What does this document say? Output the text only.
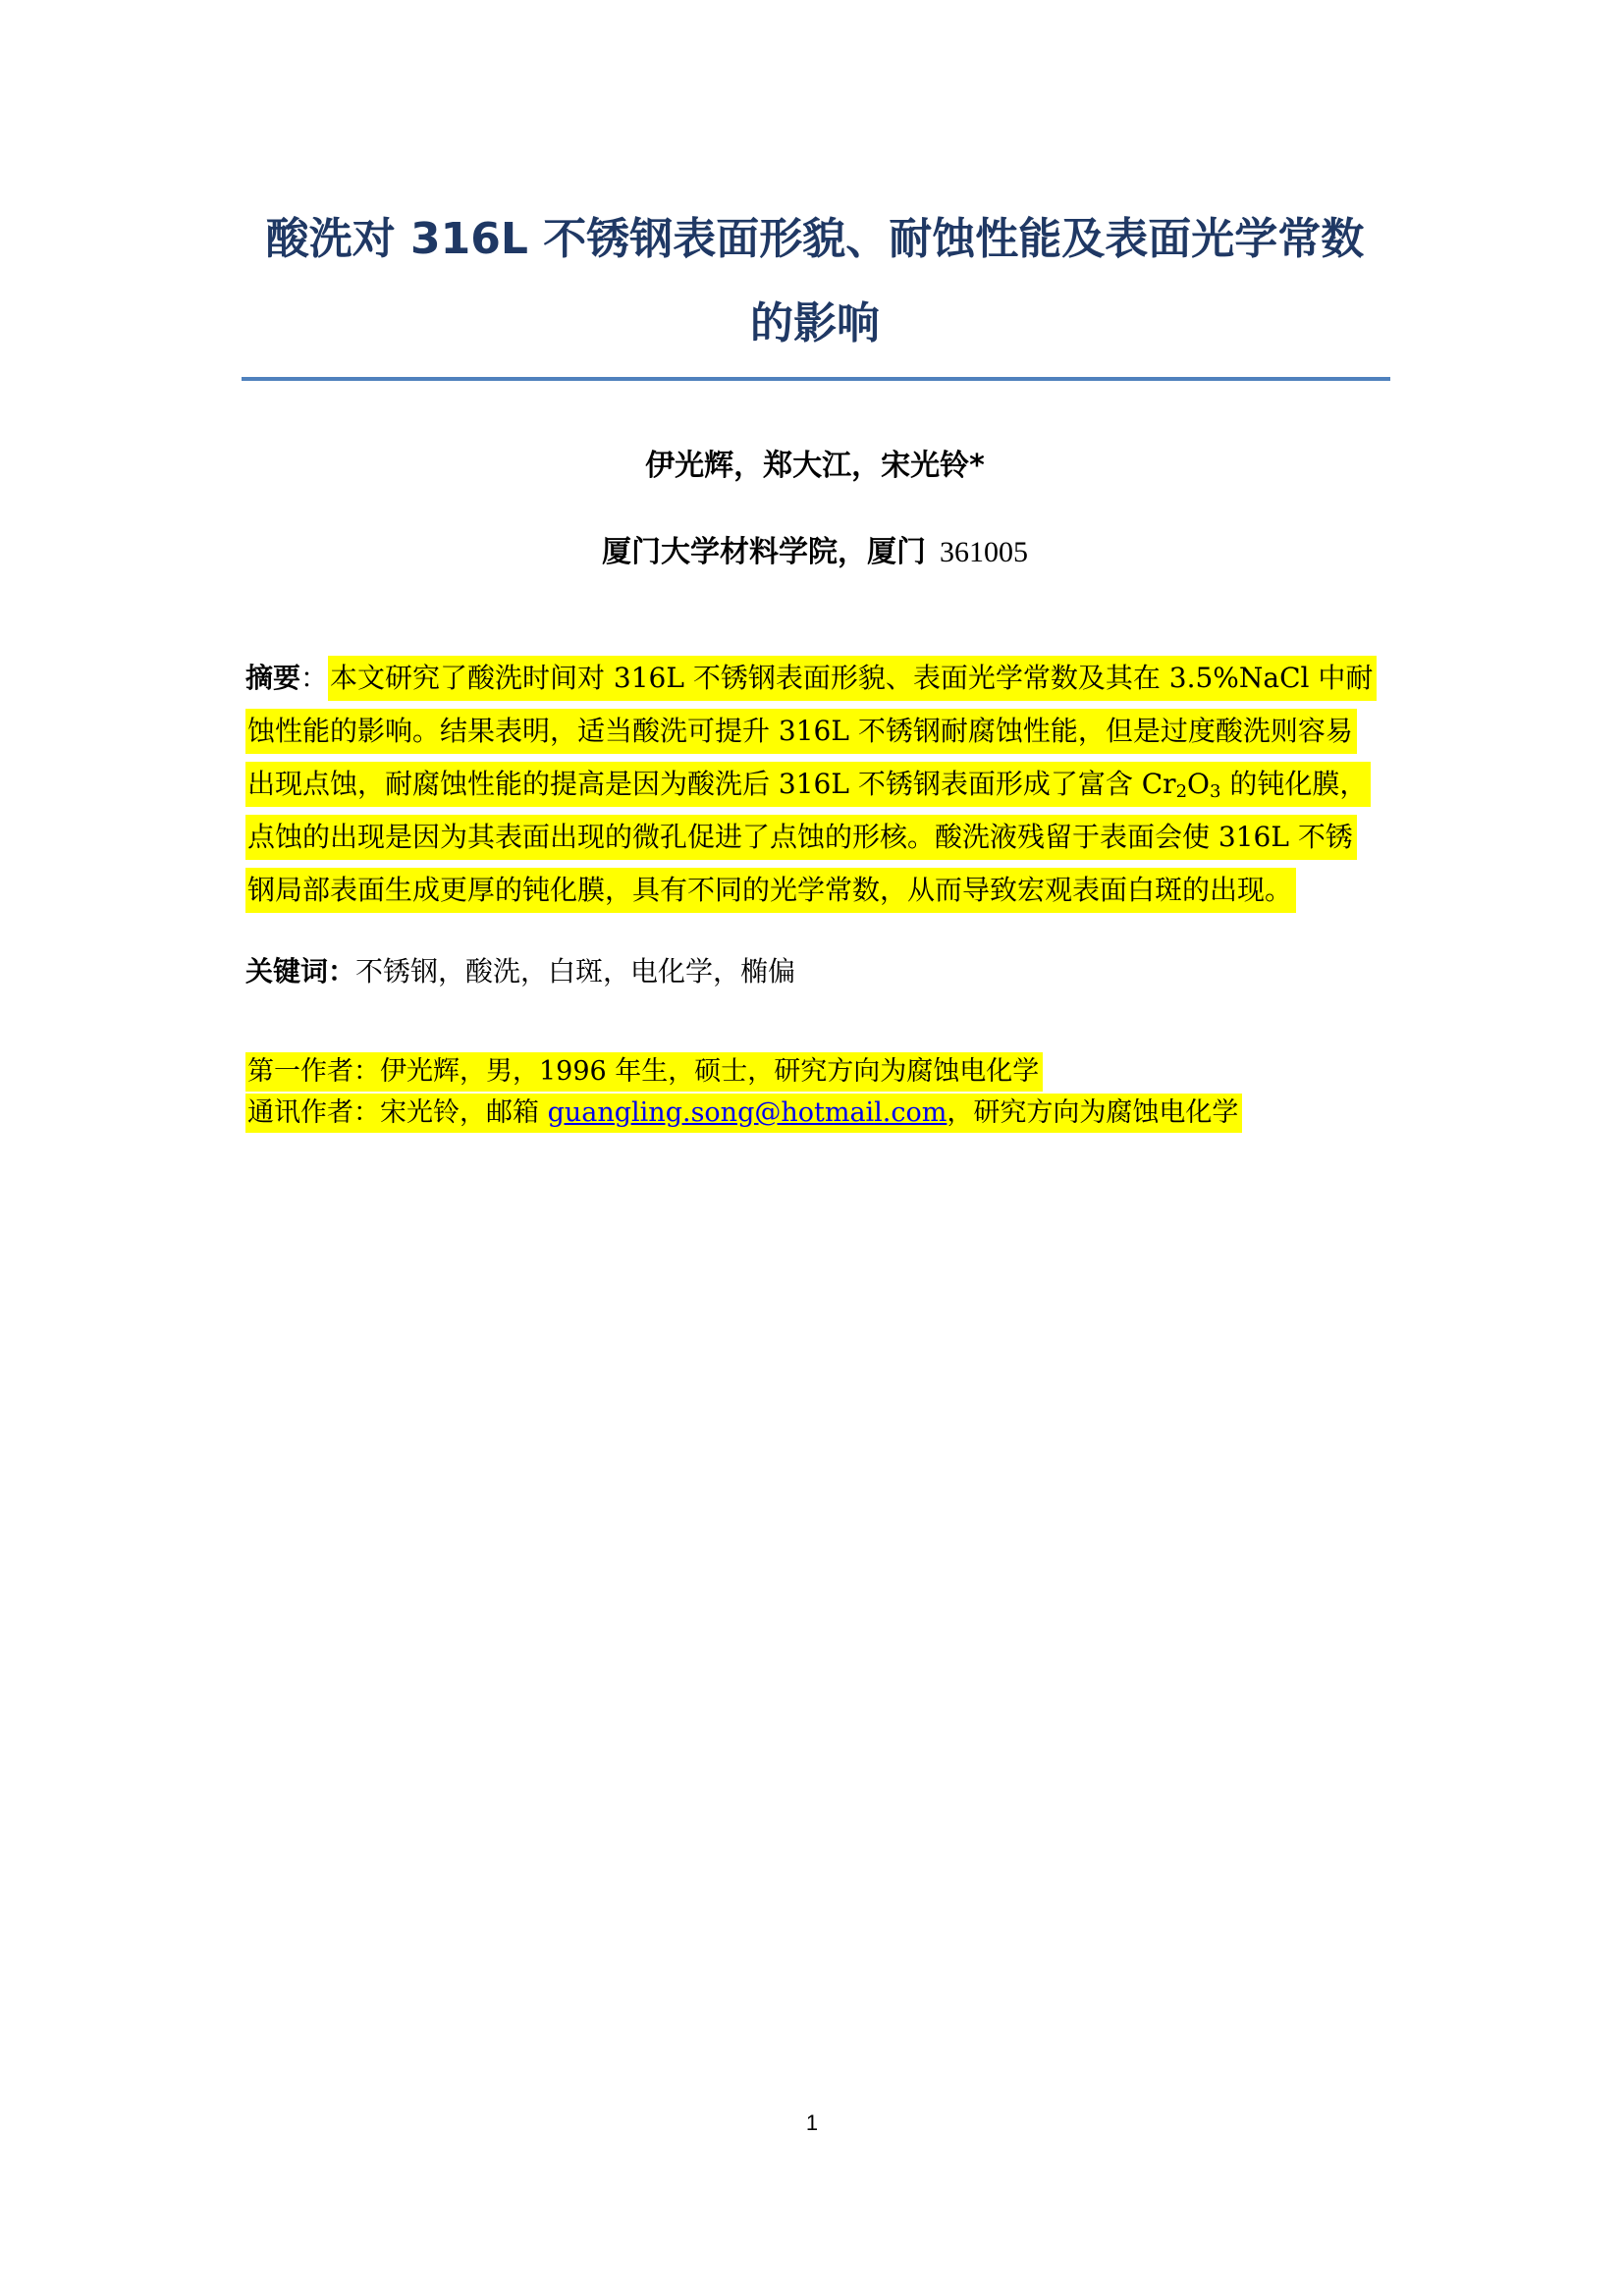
酸洗对 316L 不锈钢表面形貌、耐蚀性能及表面光学常数
的影响
伊光辉，郑大江，宋光铃*
厦门大学材料学院，厦门 361005
摘要：本文研究了酸洗时间对 316L 不锈钢表面形貌、表面光学常数及其在 3.5%NaCl 中耐
蚀性能的影响。结果表明，适当酸洗可提升 316L 不锈钢耐腐蚀性能，但是过度酸洗则容易
出现点蚀，耐腐蚀性能的提高是因为酸洗后 316L 不锈钢表面形成了富含 $Cr_2O_3$ 的钝化膜，
点蚀的出现是因为其表面出现的微孔促进了点蚀的形核。酸洗液残留于表面会使 316L 不锈
钢局部表面生成更厚的钝化膜，具有不同的光学常数，从而导致宏观表面白斑的出现。
关键词：不锈钢，酸洗，白斑，电化学，椭偏
第一作者：伊光辉，男，1996 年生，硕士，研究方向为腐蚀电化学
通讯作者：宋光铃，邮箱 guangling.song@hotmail.com，研究方向为腐蚀电化学
1
